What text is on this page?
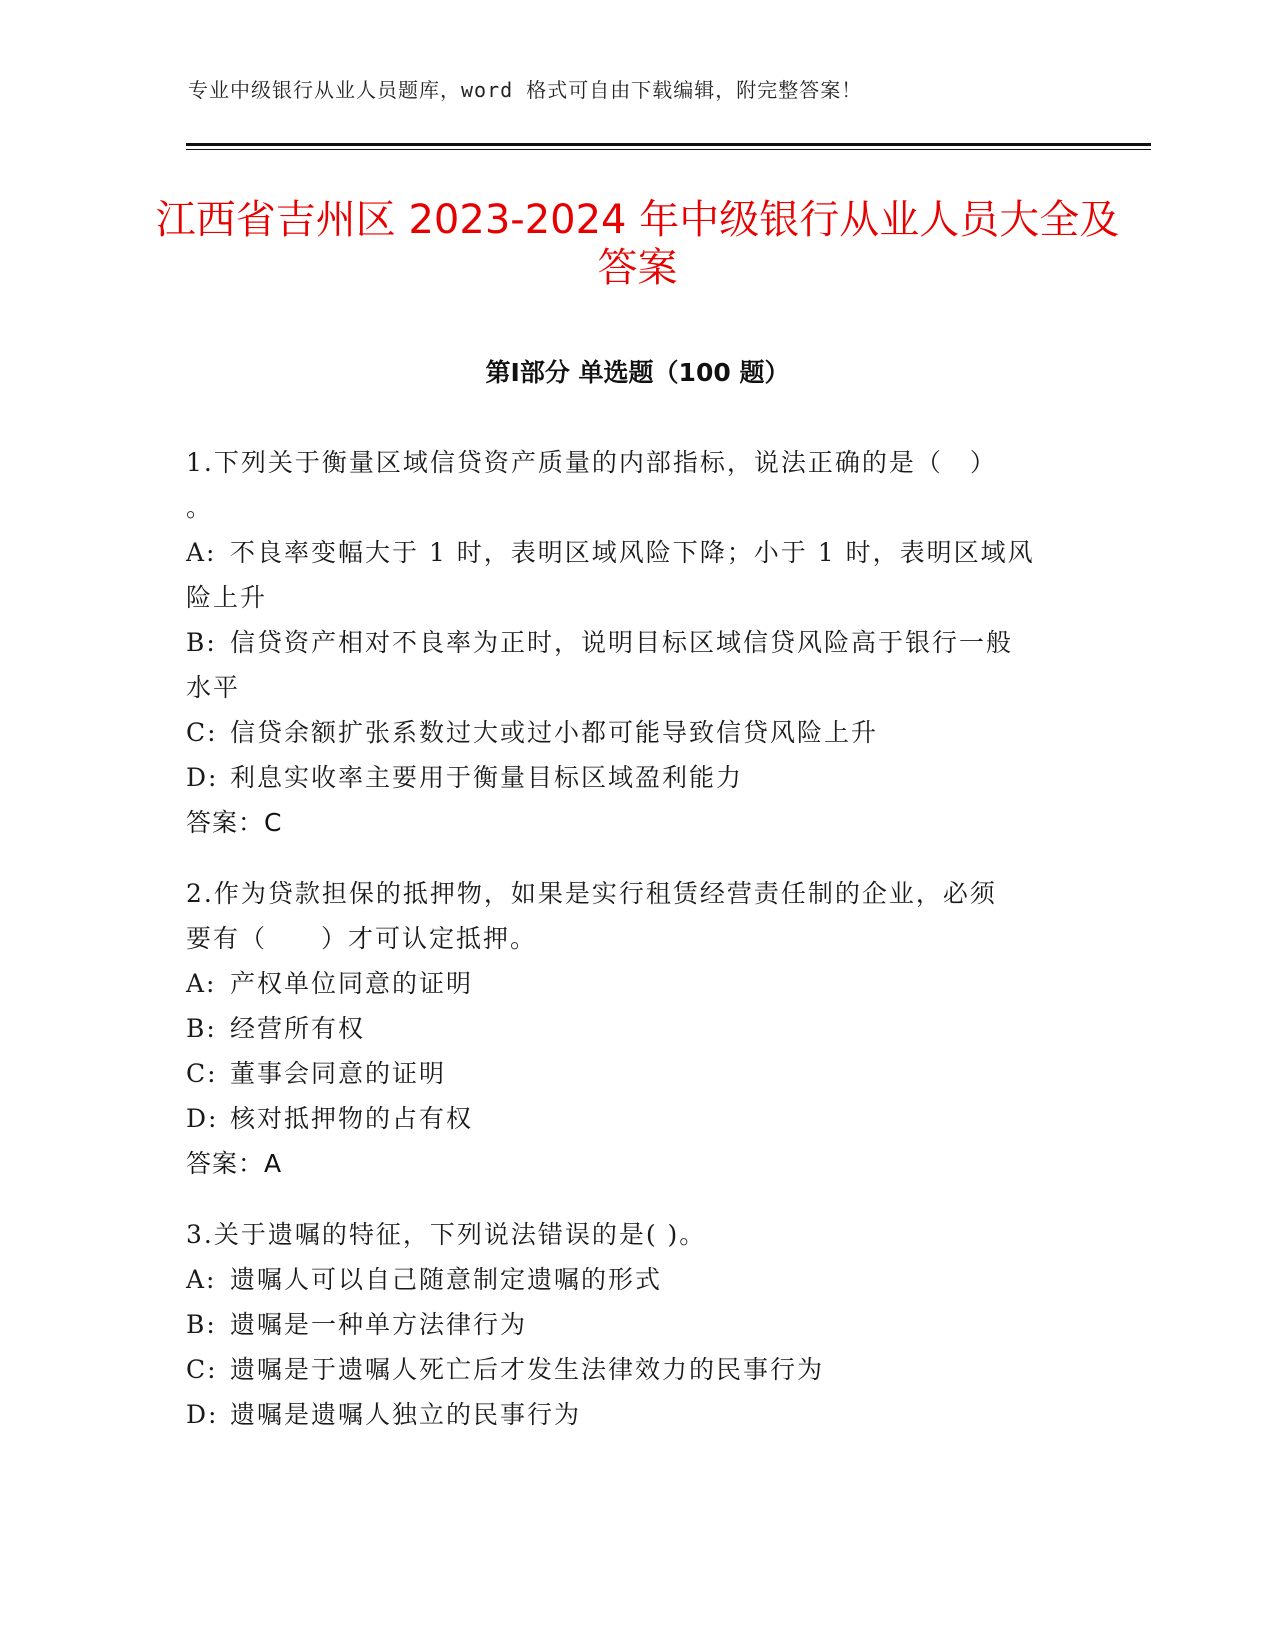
专业中级银行从业人员题库，word 格式可自由下载编辑，附完整答案！
江西省吉州区 2023-2024 年中级银行从业人员大全及答案
第Ⅰ部分 单选题（100 题）

1.下列关于衡量区域信贷资产质量的内部指标，说法正确的是（　）

。

A: 不良率变幅大于 1 时，表明区域风险下降；小于 1 时，表明区域风

险上升

B: 信贷资产相对不良率为正时，说明目标区域信贷风险高于银行一般

水平

C: 信贷余额扩张系数过大或过小都可能导致信贷风险上升

D: 利息实收率主要用于衡量目标区域盈利能力

答案：C

2.作为贷款担保的抵押物，如果是实行租赁经营责任制的企业，必须

要有（　　）才可认定抵押。

A: 产权单位同意的证明

B: 经营所有权

C: 董事会同意的证明

D: 核对抵押物的占有权

答案：A

3.关于遗嘱的特征，下列说法错误的是( )。

A: 遗嘱人可以自己随意制定遗嘱的形式

B: 遗嘱是一种单方法律行为

C: 遗嘱是于遗嘱人死亡后才发生法律效力的民事行为

D: 遗嘱是遗嘱人独立的民事行为
